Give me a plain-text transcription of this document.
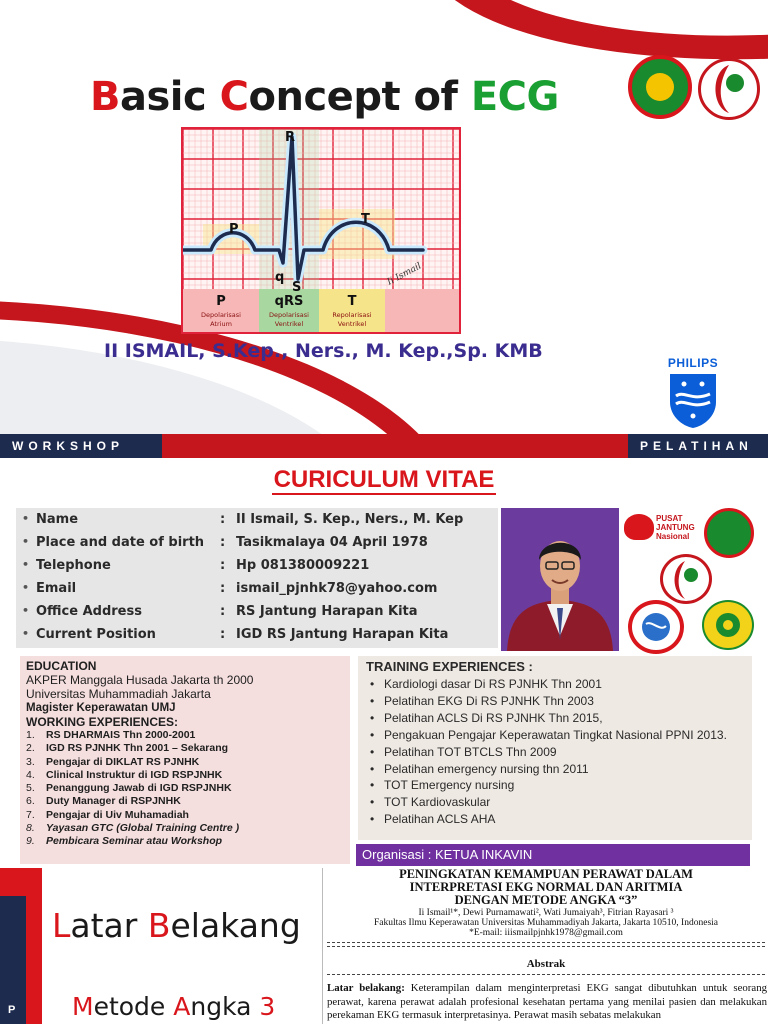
Basic Concept of ECG
P
R
q
S
T
Ii Ismail
P
Depolarisasi
Atrium
qRS
Depolarisasi
Ventrikel
T
Repolarisasi
Ventrikel
II ISMAIL, S.Kep., Ners., M. Kep.,Sp. KMB
PHILIPS
WORKSHOP	PELATIHAN
CURICULUM VITAE
• Name	: II Ismail, S. Kep., Ners., M. Kep
• Place and date of birth : Tasikmalaya 04 April 1978
• Telephone	: Hp 081380009221
• Email	: ismail_pjnhk78@yahoo.com
• Office Address	: RS Jantung Harapan Kita
• Current Position	: IGD RS Jantung Harapan Kita
PUSAT
JANTUNG
Nasional
EDUCATION
AKPER Manggala Husada Jakarta th 2000
Universitas Muhammadiah Jakarta
Magister Keperawatan UMJ
WORKING EXPERIENCES:
1. RS DHARMAIS Thn 2000-2001
2. IGD RS PJNHK Thn 2001 – Sekarang
3. Pengajar di DIKLAT RS PJNHK
4. Clinical Instruktur di IGD RSPJNHK
5. Penanggung Jawab di IGD RSPJNHK
6. Duty Manager di RSPJNHK
7. Pengajar di Uiv Muhamadiah
8. Yayasan GTC (Global Training Centre )
9. Pembicara Seminar atau Workshop
TRAINING EXPERIENCES :
• Kardiologi dasar Di RS PJNHK Thn 2001
• Pelatihan EKG Di RS PJNHK Thn 2003
• Pelatihan ACLS Di RS PJNHK Thn 2015,
• Pengakuan Pengajar Keperawatan Tingkat Nasional PPNI 2013.
• Pelatihan TOT BTCLS Thn 2009
• Pelatihan emergency nursing thn 2011
• TOT Emergency nursing
• TOT Kardiovaskular
• Pelatihan ACLS AHA
Organisasi : KETUA INKAVIN
P
Latar Belakang
Metode Angka 3
PENINGKATAN KEMAMPUAN PERAWAT DALAM
INTERPRETASI EKG NORMAL DAN ARITMIA
DENGAN METODE ANGKA “3”
Ii Ismail¹*, Dewi Purnamawati², Wati Jumaiyah³, Fitrian Rayasari ³
Fakultas Ilmu Keperawatan Universitas Muhammadiyah Jakarta, Jakarta 10510, Indonesia
*E-mail: iiismailpjnhk1978@gmail.com
Abstrak
Latar belakang: Keterampilan dalam menginterpretasi EKG sangat dibutuhkan untuk seorang perawat, karena perawat adalah profesional kesehatan pertama yang menilai pasien dan melakukan perekaman EKG termasuk interpretasinya. Perawat masih sebatas melakukan
